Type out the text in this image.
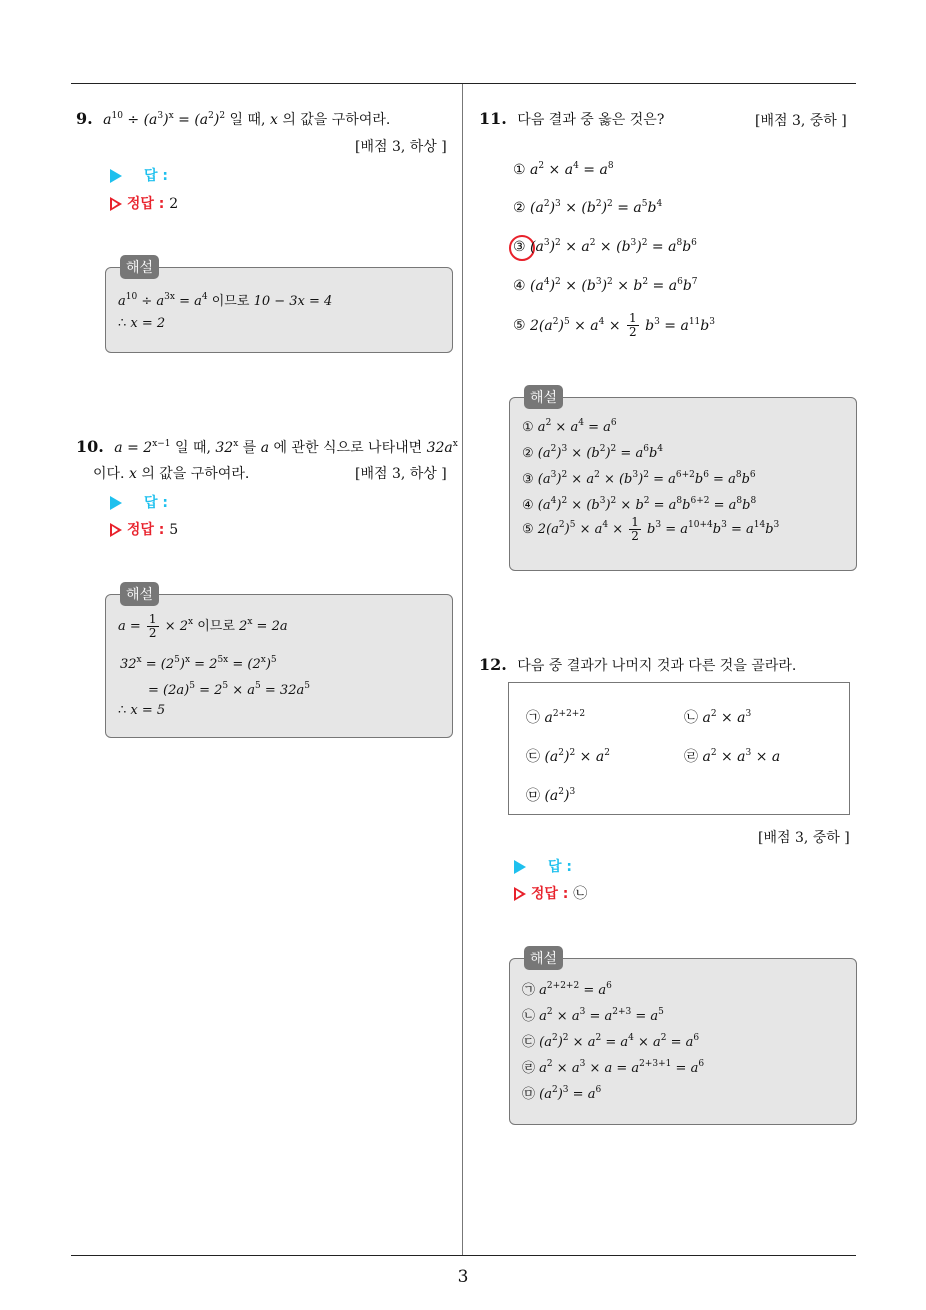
9. $a^{10} \div (a^3)^x = (a^2)^2$ 일 때, x 의 값을 구하여라.
[배점 3, 하상 ]
답 :
정답 : 2
해설
$a^{10} \div a^{3x} = a^4$ 이므로 10 − 3x = 4
∴ x = 2
10. $a = 2^{x-1}$ 일 때, 32$^x$ 를 a 에 관한 식으로 나타내면 $32a^x$
이다. x 의 값을 구하여라.	[배점 3, 하상 ]
답 :
정답 : 5
해설
$a = \frac{1}{2} \times 2^x$ 이므로 $2^x = 2a$
$32^x = (2^5)^x = 2^{5x} = (2^x)^5$
= $(2a)^5 = 2^5 \times a^5 = 32a^5$
∴ x = 5
11. 다음 결과 중 옳은 것은?	[배점 3, 중하 ]
① $a^2 \times a^4 = a^8$
② $(a^2)^3 \times (b^2)^2 = a^5b^4$
③ $(a^3)^2 \times a^2 \times (b^3)^2 = a^8b^6$
④ $(a^4)^2 \times (b^3)^2 \times b^2 = a^6b^7$
⑤ $2(a^2)^5 \times a^4 \times \frac{1}{2} b^3 = a^{11}b^3$
해설
① $a^2 \times a^4 = a^6$
② $(a^2)^3 \times (b^2)^2 = a^6b^4$
③ $(a^3)^2 \times a^2 \times (b^3)^2 = a^{6+2}b^6 = a^8b^6$
④ $(a^4)^2 \times (b^3)^2 \times b^2 = a^8b^{6+2} = a^8b^8$
⑤ $2(a^2)^5 \times a^4 \times \frac{1}{2} b^3 = a^{10+4}b^3 = a^{14}b^3$
12. 다음 중 결과가 나머지 것과 다른 것을 골라라.
㉠ $a^{2+2+2}$	㉡ $a^2 \times a^3$
㉢ $(a^2)^2 \times a^2$	㉣ $a^2 \times a^3 \times a$
㉤ $(a^2)^3$
[배점 3, 중하 ]
답 :
정답 : ㉡
해설
㉠ $a^{2+2+2} = a^6$
㉡ $a^2 \times a^3 = a^{2+3} = a^5$
㉢ $(a^2)^2 \times a^2 = a^4 \times a^2 = a^6$
㉣ $a^2 \times a^3 \times a = a^{2+3+1} = a^6$
㉤ $(a^2)^3 = a^6$
3
